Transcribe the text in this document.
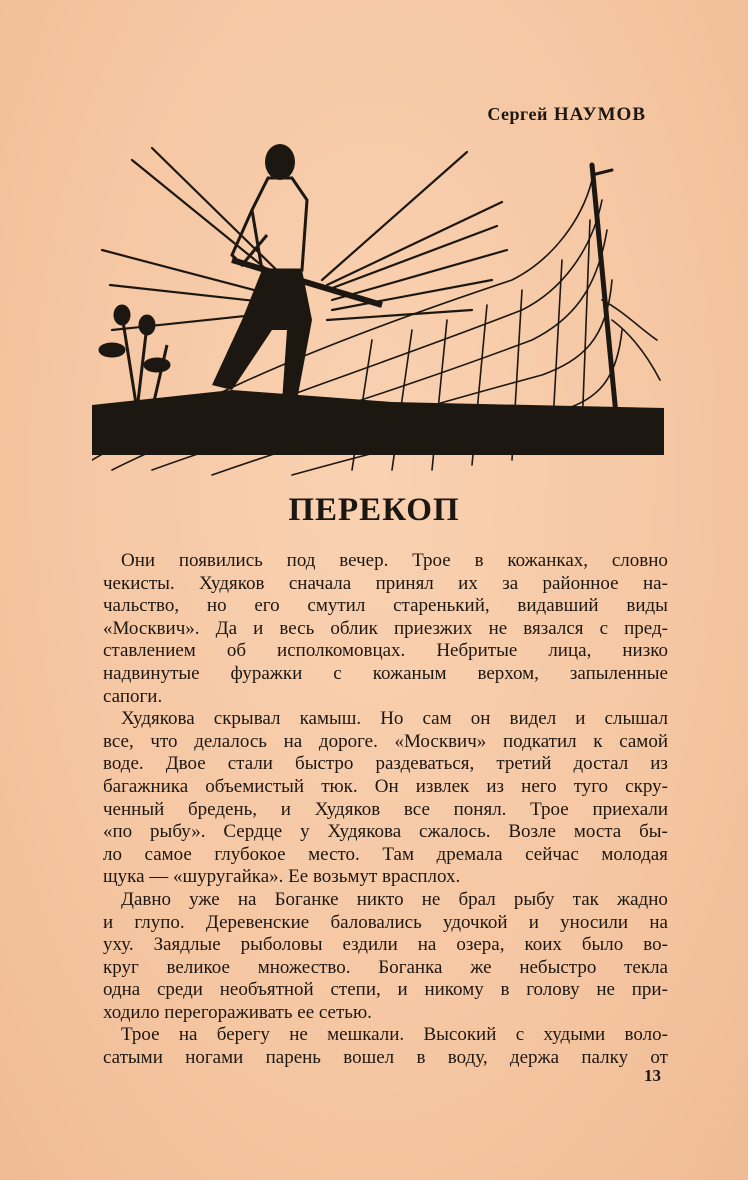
Сергей НАУМОВ
ПЕРЕКОП
Они появились под вечер. Трое в кожанках, словно
чекисты. Худяков сначала принял их за районное на-
чальство, но его смутил старенький, видавший виды
«Москвич». Да и весь облик приезжих не вязался с пред-
ставлением об исполкомовцах. Небритые лица, низко
надвинутые фуражки с кожаным верхом, запыленные
сапоги.
Худякова скрывал камыш. Но сам он видел и слышал
все, что делалось на дороге. «Москвич» подкатил к самой
воде. Двое стали быстро раздеваться, третий достал из
багажника объемистый тюк. Он извлек из него туго скру-
ченный бредень, и Худяков все понял. Трое приехали
«по рыбу». Сердце у Худякова сжалось. Возле моста бы-
ло самое глубокое место. Там дремала сейчас молодая
щука — «шуругайка». Ее возьмут врасплох.
Давно уже на Боганке никто не брал рыбу так жадно
и глупо. Деревенские баловались удочкой и уносили на
уху. Заядлые рыболовы ездили на озера, коих было во-
круг великое множество. Боганка же небыстро текла
одна среди необъятной степи, и никому в голову не при-
ходило перегораживать ее сетью.
Трое на берегу не мешкали. Высокий с худыми воло-
сатыми ногами парень вошел в воду, держа палку от
13
